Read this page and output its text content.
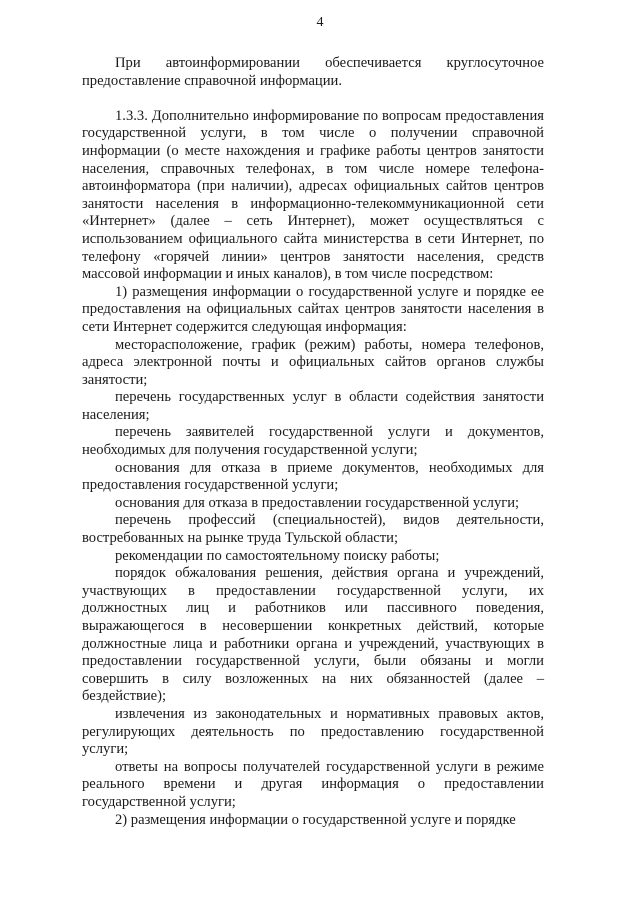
4

При автоинформировании обеспечивается круглосуточное предоставление справочной информации.

1.3.3. Дополнительно информирование по вопросам предоставления государственной услуги, в том числе о получении справочной информации (о месте нахождения и графике работы центров занятости населения, справочных телефонах, в том числе номере телефона-автоинформатора (при наличии), адресах официальных сайтов центров занятости населения в информационно-телекоммуникационной сети «Интернет» (далее – сеть Интернет), может осуществляться с использованием официального сайта министерства в сети Интернет, по телефону «горячей линии» центров занятости населения, средств массовой информации и иных каналов), в том числе посредством:

1) размещения информации о государственной услуге и порядке ее предоставления на официальных сайтах центров занятости населения в сети Интернет содержится следующая информация:

месторасположение, график (режим) работы, номера телефонов, адреса электронной почты и официальных сайтов органов службы занятости;

перечень государственных услуг в области содействия занятости населения;

перечень заявителей государственной услуги и документов, необходимых для получения государственной услуги;

основания для отказа в приеме документов, необходимых для предоставления государственной услуги;

основания для отказа в предоставлении государственной услуги;

перечень профессий (специальностей), видов деятельности, востребованных на рынке труда Тульской области;

рекомендации по самостоятельному поиску работы;

порядок обжалования решения, действия органа и учреждений, участвующих в предоставлении государственной услуги, их должностных лиц и работников или пассивного поведения, выражающегося в несовершении конкретных действий, которые должностные лица и работники органа и учреждений, участвующих в предоставлении государственной услуги, были обязаны и могли совершить в силу возложенных на них обязанностей (далее – бездействие);

извлечения из законодательных и нормативных правовых актов, регулирующих деятельность по предоставлению государственной услуги;

ответы на вопросы получателей государственной услуги в режиме реального времени и другая информация о предоставлении государственной услуги;

2) размещения информации о государственной услуге и порядке
